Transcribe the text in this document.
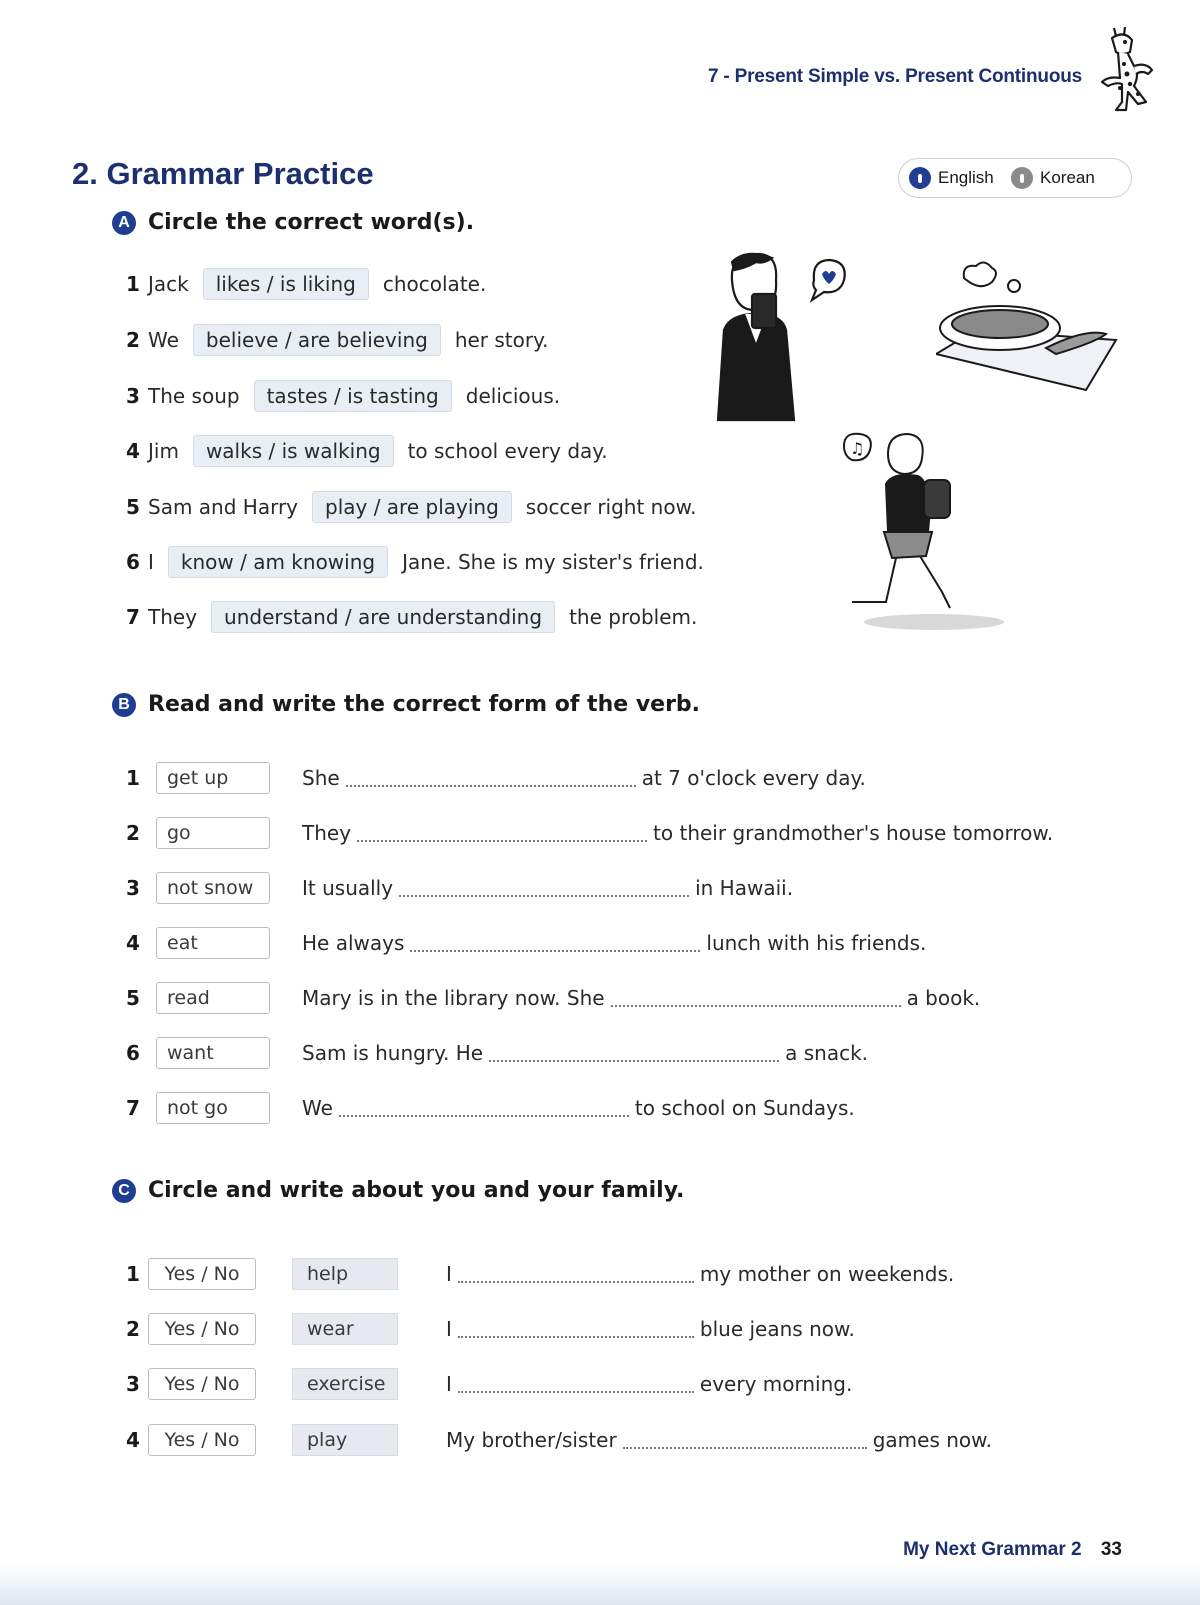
7 - Present Simple vs. Present Continuous
2. Grammar Practice	English	Korean
A Circle the correct word(s).
1 Jack	likes / is liking	chocolate.
2 We	believe / are believing	her story.
3 The soup	tastes / is tasting	delicious.
4 Jim	walks / is walking	to school every day.
5 Sam and Harry	play / are playing	soccer right now.
6 I	know / am knowing	Jane. She is my sister's friend.
7 They	understand / are understanding	the problem.
♫
B Read and write the correct form of the verb.
1	get up	She	at 7 o'clock every day.
2	go	They	to their grandmother's house tomorrow.
3	not snow	It usually	in Hawaii.
4	eat	He always	lunch with his friends.
5	read	Mary is in the library now. She	a book.
6	want	Sam is hungry. He	a snack.
7	not go	We	to school on Sundays.
C Circle and write about you and your family.
1	Yes / No	help	I	my mother on weekends.
2	Yes / No	wear	I	blue jeans now.
3	Yes / No	exercise	I	every morning.
4	Yes / No	play	My brother/sister	games now.
My Next Grammar 2 33
